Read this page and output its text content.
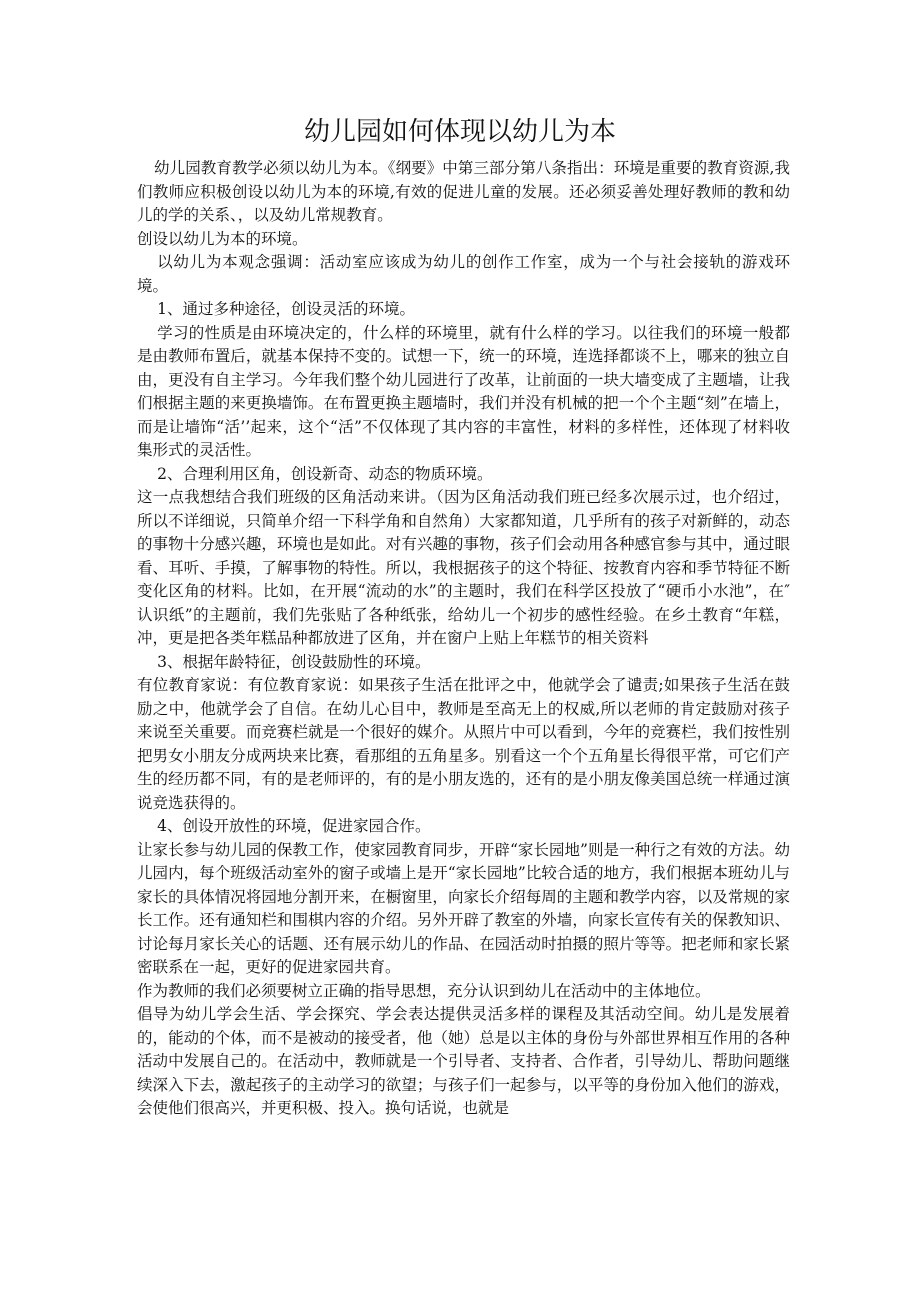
幼儿园如何体现以幼儿为本

幼儿园教育教学必须以幼儿为本。《纲要》中第三部分第八条指出：环境是重要的教育资源,我们教师应积极创设以幼儿为本的环境,有效的促进儿童的发展。还必须妥善处理好教师的教和幼儿的学的关系、，以及幼儿常规教育。

创设以幼儿为本的环境。

以幼儿为本观念强调：活动室应该成为幼儿的创作工作室，成为一个与社会接轨的游戏环境。

1、通过多种途径，创设灵活的环境。

学习的性质是由环境决定的，什么样的环境里，就有什么样的学习。以往我们的环境一般都是由教师布置后，就基本保持不变的。试想一下，统一的环境，连选择都谈不上，哪来的独立自由，更没有自主学习。今年我们整个幼儿园进行了改革，让前面的一块大墙变成了主题墙，让我们根据主题的来更换墙饰。在布置更换主题墙时，我们并没有机械的把一个个主题“刻”在墙上，而是让墙饰“活’’起来，这个“活”不仅体现了其内容的丰富性，材料的多样性，还体现了材料收集形式的灵活性。

2、合理利用区角，创设新奇、动态的物质环境。

这一点我想结合我们班级的区角活动来讲。（因为区角活动我们班已经多次展示过，也介绍过，所以不详细说，只简单介绍一下科学角和自然角）大家都知道，几乎所有的孩子对新鲜的，动态的事物十分感兴趣，环境也是如此。对有兴趣的事物，孩子们会动用各种感官参与其中，通过眼看、耳听、手摸，了解事物的特性。所以，我根据孩子的这个特征、按教育内容和季节特征不断变化区角的材料。比如，在开展“流动的水”的主题时，我们在科学区投放了“硬币小水池”，在″认识纸”的主题前，我们先张贴了各种纸张，给幼儿一个初步的感性经验。在乡土教育“年糕，冲，更是把各类年糕品种都放进了区角，并在窗户上贴上年糕节的相关资料

3、根据年龄特征，创设鼓励性的环境。

有位教育家说：有位教育家说：如果孩子生活在批评之中，他就学会了谴责;如果孩子生活在鼓励之中，他就学会了自信。在幼儿心目中，教师是至高无上的权威,所以老师的肯定鼓励对孩子来说至关重要。而竞赛栏就是一个很好的媒介。从照片中可以看到，今年的竞赛栏，我们按性别把男女小朋友分成两块来比赛，看那组的五角星多。别看这一个个五角星长得很平常，可它们产生的经历都不同，有的是老师评的，有的是小朋友选的，还有的是小朋友像美国总统一样通过演说竞选获得的。

4、创设开放性的环境，促进家园合作。

让家长参与幼儿园的保教工作，使家园教育同步，开辟“家长园地”则是一种行之有效的方法。幼儿园内，每个班级活动室外的窗子或墙上是开“家长园地”比较合适的地方，我们根据本班幼儿与家长的具体情况将园地分割开来，在橱窗里，向家长介绍每周的主题和教学内容，以及常规的家长工作。还有通知栏和围棋内容的介绍。另外开辟了教室的外墙，向家长宣传有关的保教知识、讨论每月家长关心的话题、还有展示幼儿的作品、在园活动时拍摄的照片等等。把老师和家长紧密联系在一起，更好的促进家园共育。

作为教师的我们必须要树立正确的指导思想，充分认识到幼儿在活动中的主体地位。

倡导为幼儿学会生活、学会探究、学会表达提供灵活多样的课程及其活动空间。幼儿是发展着的，能动的个体，而不是被动的接受者，他（她）总是以主体的身份与外部世界相互作用的各种活动中发展自己的。在活动中，教师就是一个引导者、支持者、合作者，引导幼儿、帮助问题继续深入下去，激起孩子的主动学习的欲望；与孩子们一起参与，以平等的身份加入他们的游戏，会使他们很高兴，并更积极、投入。换句话说，也就是
